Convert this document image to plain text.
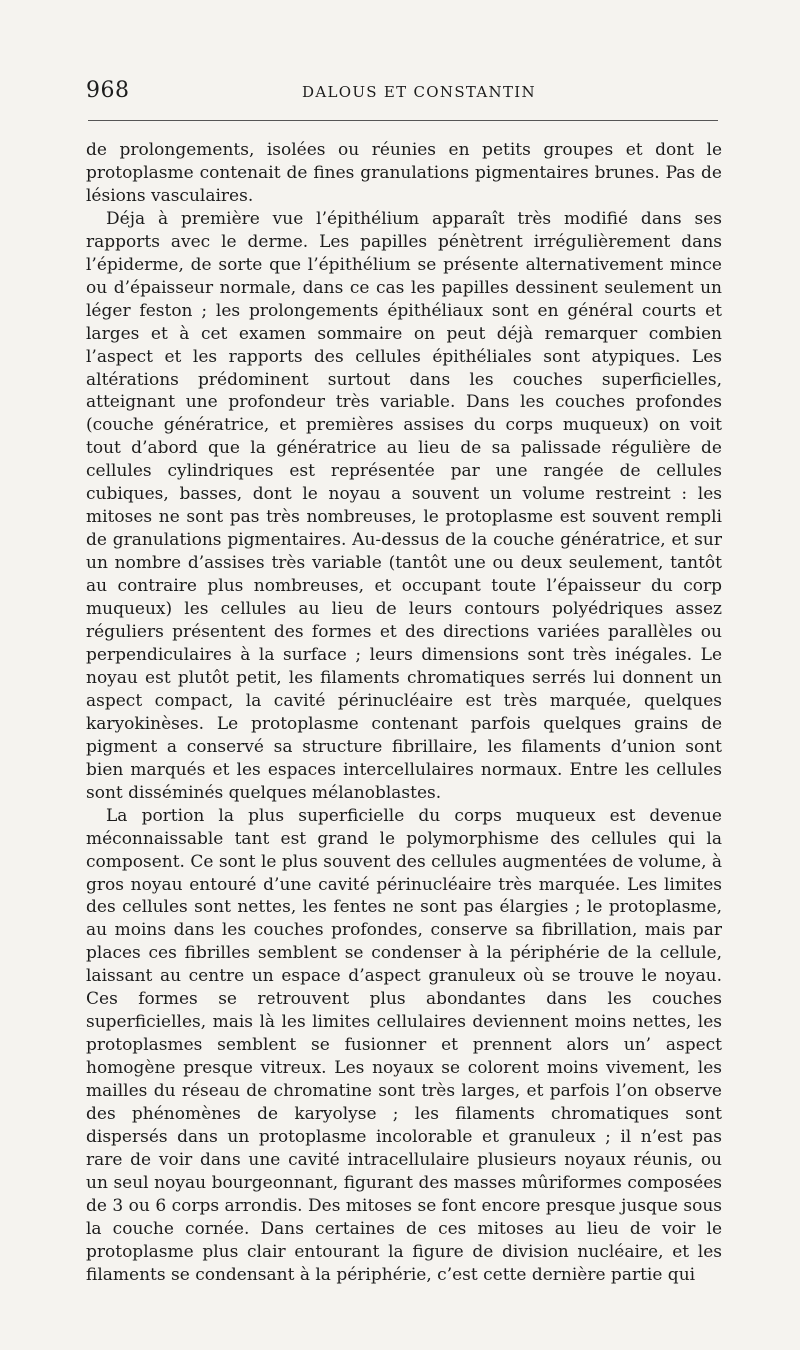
968	DALOUS ET CONSTANTIN

de prolongements, isolées ou réunies en petits groupes et dont le protoplasme contenait de fines granulations pigmentaires brunes. Pas de lésions vasculaires.

Déja à première vue l’épithélium apparaît très modifié dans ses rapports avec le derme. Les papilles pénètrent irrégulièrement dans l’épiderme, de sorte que l’épithélium se présente alternativement mince ou d’épaisseur normale, dans ce cas les papilles dessinent seulement un léger feston ; les prolongements épithéliaux sont en général courts et larges et à cet examen sommaire on peut déjà remarquer combien l’aspect et les rapports des cellules épithéliales sont atypiques. Les altérations prédominent surtout dans les couches superficielles, atteignant une profondeur très variable. Dans les couches profondes (couche génératrice, et premières assises du corps muqueux) on voit tout d’abord que la génératrice au lieu de sa palissade régulière de cellules cylindriques est représentée par une rangée de cellules cubiques, basses, dont le noyau a souvent un volume restreint : les mitoses ne sont pas très nombreuses, le protoplasme est souvent rempli de granulations pigmentaires. Au-dessus de la couche génératrice, et sur un nombre d’assises très variable (tantôt une ou deux seulement, tantôt au contraire plus nombreuses, et occupant toute l’épaisseur du corp muqueux) les cellules au lieu de leurs contours polyédriques assez réguliers présentent des formes et des directions variées parallèles ou perpendiculaires à la surface ; leurs dimensions sont très inégales. Le noyau est plutôt petit, les filaments chromatiques serrés lui donnent un aspect compact, la cavité périnucléaire est très marquée, quelques karyokinèses. Le protoplasme contenant parfois quelques grains de pigment a conservé sa structure fibrillaire, les filaments d’union sont bien marqués et les espaces intercellulaires normaux. Entre les cellules sont disséminés quelques mélanoblastes.

La portion la plus superficielle du corps muqueux est devenue méconnaissable tant est grand le polymorphisme des cellules qui la composent. Ce sont le plus souvent des cellules augmentées de volume, à gros noyau entouré d’une cavité périnucléaire très marquée. Les limites des cellules sont nettes, les fentes ne sont pas élargies ; le protoplasme, au moins dans les couches profondes, conserve sa fibrillation, mais par places ces fibrilles semblent se condenser à la périphérie de la cellule, laissant au centre un espace d’aspect granuleux où se trouve le noyau. Ces formes se retrouvent plus abondantes dans les couches superficielles, mais là les limites cellulaires deviennent moins nettes, les protoplasmes semblent se fusionner et prennent alors un’ aspect homogène presque vitreux. Les noyaux se colorent moins vivement, les mailles du réseau de chromatine sont très larges, et parfois l’on observe des phénomènes de karyolyse ; les filaments chromatiques sont dispersés dans un protoplasme incolorable et granuleux ; il n’est pas rare de voir dans une cavité intracellulaire plusieurs noyaux réunis, ou un seul noyau bourgeonnant, figurant des masses mûriformes composées de 3 ou 6 corps arrondis. Des mitoses se font encore presque jusque sous la couche cornée. Dans certaines de ces mitoses au lieu de voir le protoplasme plus clair entourant la figure de division nucléaire, et les filaments se condensant à la périphérie, c’est cette dernière partie qui
